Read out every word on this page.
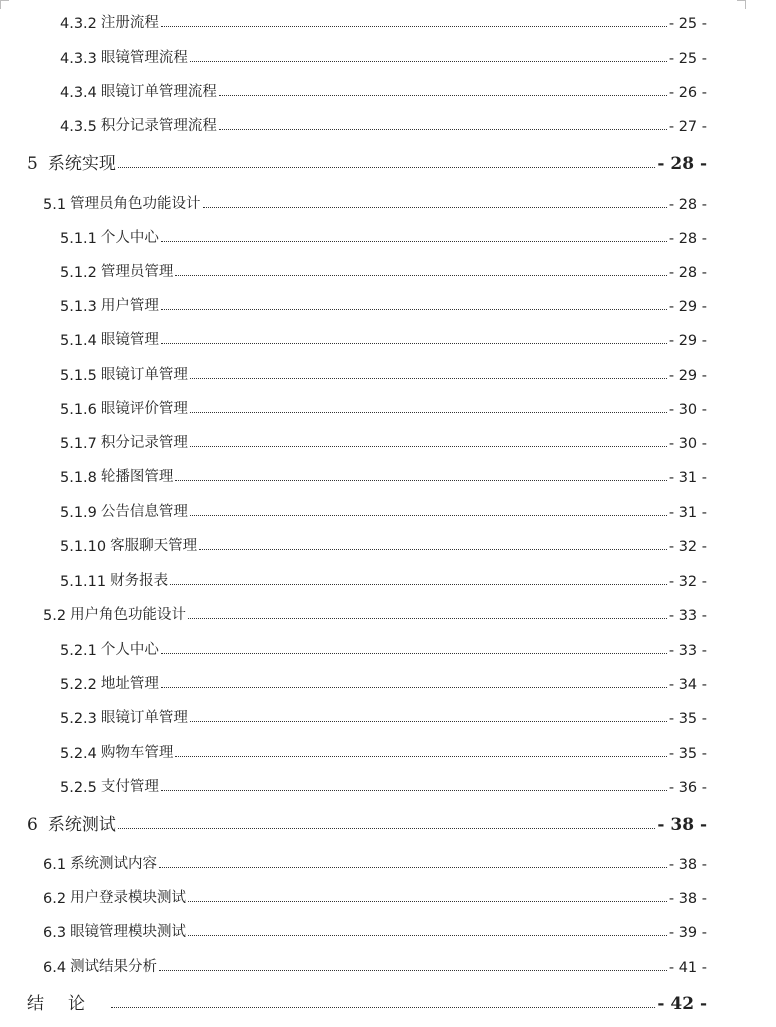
4.3.2 注册流程	- 25 -
4.3.3 眼镜管理流程	- 25 -
4.3.4 眼镜订单管理流程	- 26 -
4.3.5 积分记录管理流程	- 27 -
5 系统实现	- 28 -
5.1 管理员角色功能设计	- 28 -
5.1.1 个人中心	- 28 -
5.1.2 管理员管理	- 28 -
5.1.3 用户管理	- 29 -
5.1.4 眼镜管理	- 29 -
5.1.5 眼镜订单管理	- 29 -
5.1.6 眼镜评价管理	- 30 -
5.1.7 积分记录管理	- 30 -
5.1.8 轮播图管理	- 31 -
5.1.9 公告信息管理	- 31 -
5.1.10 客服聊天管理	- 32 -
5.1.11 财务报表	- 32 -
5.2 用户角色功能设计	- 33 -
5.2.1 个人中心	- 33 -
5.2.2 地址管理	- 34 -
5.2.3 眼镜订单管理	- 35 -
5.2.4 购物车管理	- 35 -
5.2.5 支付管理	- 36 -
6 系统测试	- 38 -
6.1 系统测试内容	- 38 -
6.2 用户登录模块测试	- 38 -
6.3 眼镜管理模块测试	- 39 -
6.4 测试结果分析	- 41 -
结论	- 42 -
